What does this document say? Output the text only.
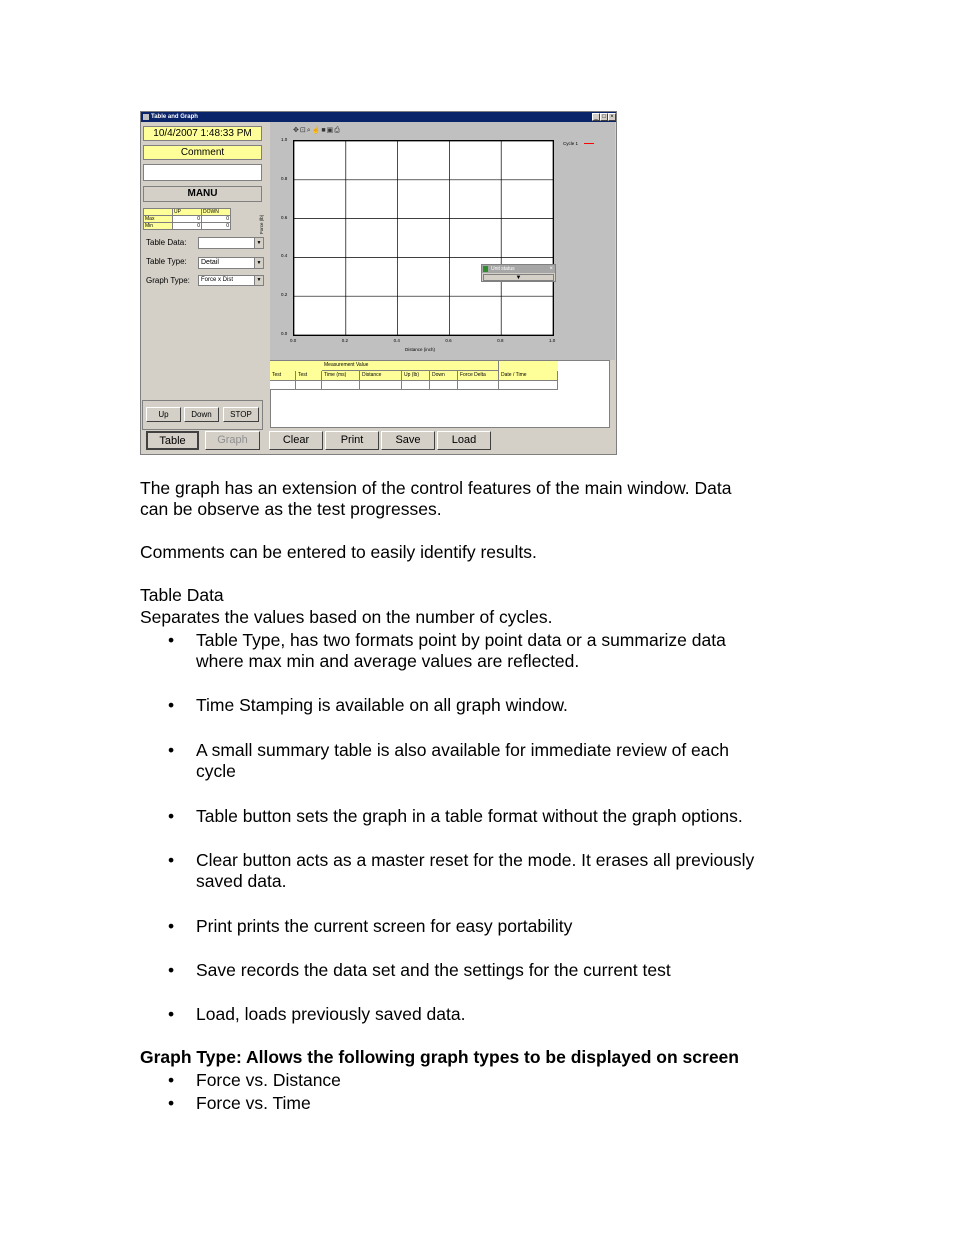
Table and Graph	_ □ ×
10/4/2007 1:48:33 PM
Comment
MANU
	UP	DOWN
Max	0	0
Min	0	0
Table Data:	▼
Table Type:	Detail	▼
Graph Type:	Force x Dist	▼
Up	Down	STOP
✥⊡⌕☝■▣⎙
0.0
0.2
0.4
0.6
0.8
1.0
0.0	0.2	0.4	0.6	0.8	1.0
Force (lb)
Distance (inch)
Cycle 1
Unit status	×
▼
Measurement Value
Test	Test	Time (ms)	Distance	Up (lb)	Down	Force Delta	Date / Time
Table	Graph	Clear	Print	Save	Load
The graph has an extension of the control features of the main window. Data
can be observe as the test progresses.
Comments can be entered to easily identify results.
Table Data
Separates the values based on the number of cycles.
• Table Type, has two formats point by point data or a summarize data
where max min and average values are reflected.
• Time Stamping is available on all graph window.
• A small summary table is also available for immediate review of each
cycle
• Table button sets the graph in a table format without the graph options.
• Clear button acts as a master reset for the mode. It erases all previously
saved data.
• Print prints the current screen for easy portability
• Save records the data set and the settings for the current test
• Load, loads previously saved data.
Graph Type: Allows the following graph types to be displayed on screen
• Force vs. Distance
• Force vs. Time
